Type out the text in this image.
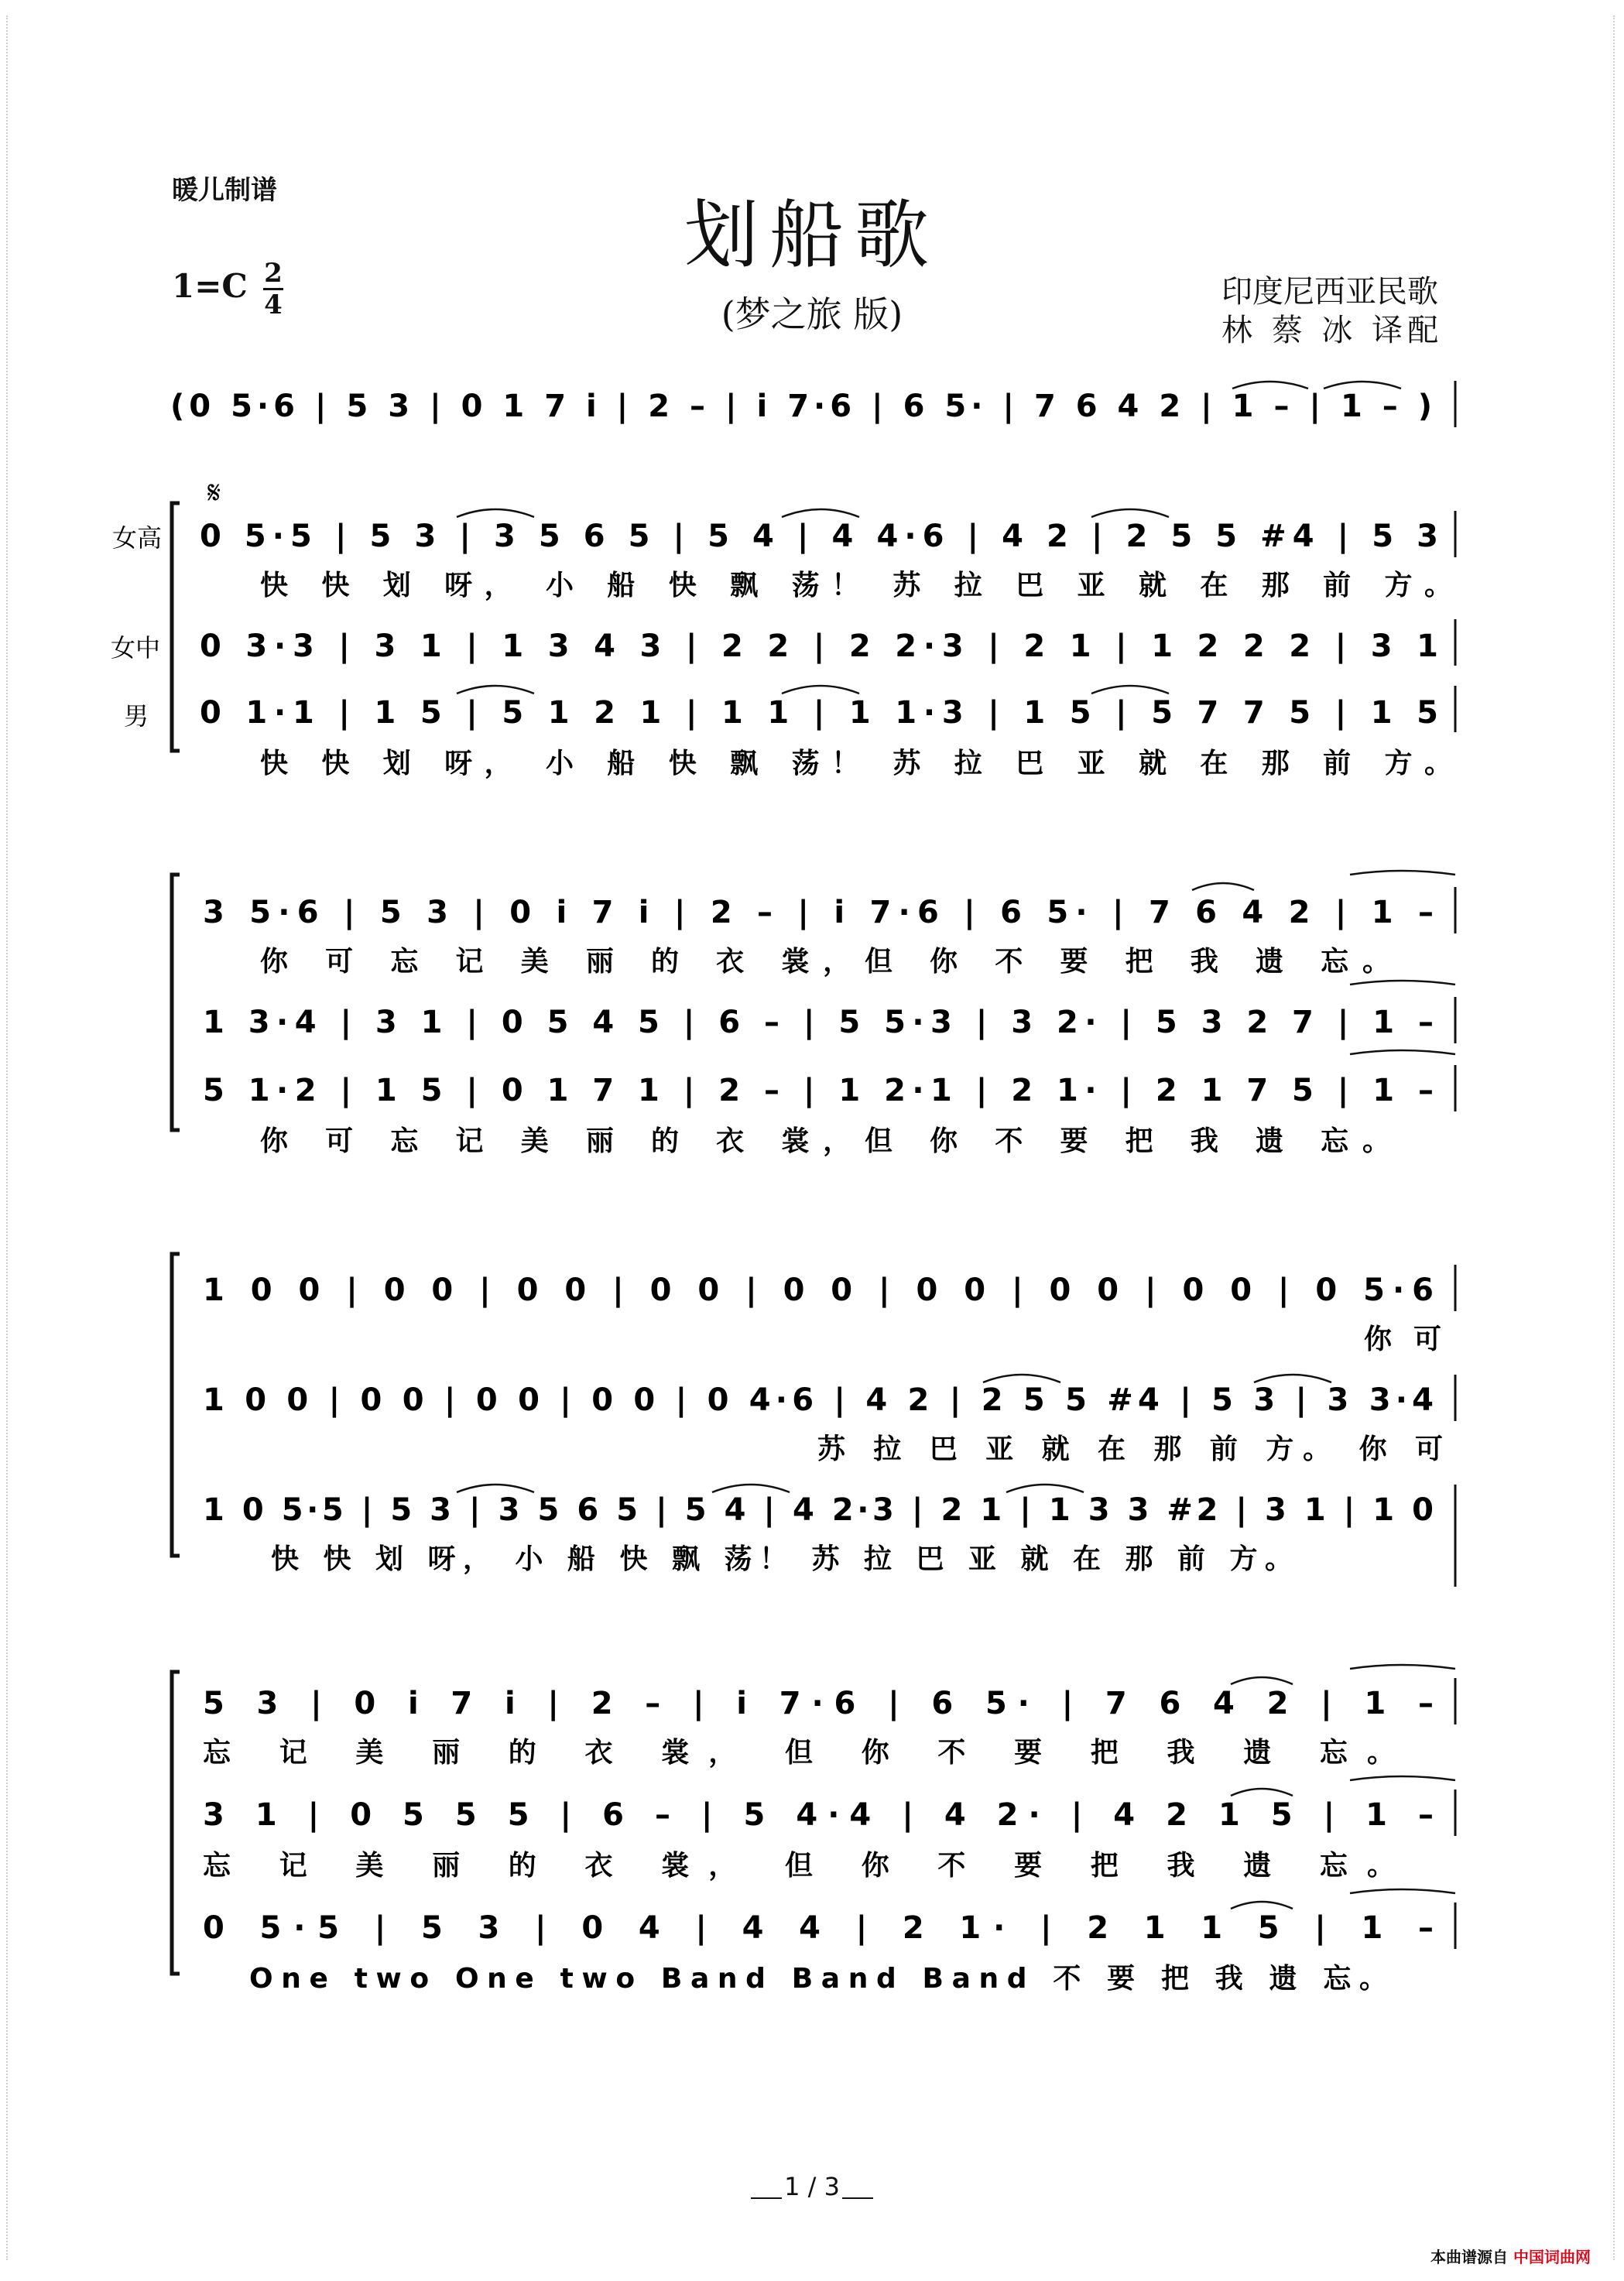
暖儿制谱
划船歌
(梦之旅 版)
1=C 2
4	印度尼西亚民歌
林 蔡 冰 译配
(0 5·6 | 5 3 | 0 1 7 i | 2 – | i 7·6 | 6 5· | 7 6 4 2 | 1 – | 1 – )
𝄋
女高
女中
男
0 5·5 | 5 3 | 3 5 6 5 | 5 4 | 4 4·6 | 4 2 | 2 5 5 #4 | 5 3
快 快 划 呀， 小 船 快 飘 荡！ 苏 拉 巴 亚 就 在 那 前 方。
0 3·3 | 3 1 | 1 3 4 3 | 2 2 | 2 2·3 | 2 1 | 1 2 2 2 | 3 1
0 1·1 | 1 5 | 5 1 2 1 | 1 1 | 1 1·3 | 1 5 | 5 7 7 5 | 1 5
快 快 划 呀， 小 船 快 飘 荡！ 苏 拉 巴 亚 就 在 那 前 方。
3 5·6 | 5 3 | 0 i 7 i | 2 – | i 7·6 | 6 5· | 7 6 4 2 | 1 –
你 可 忘 记 美 丽 的 衣 裳，但 你 不 要 把 我 遗 忘。
1 3·4 | 3 1 | 0 5 4 5 | 6 – | 5 5·3 | 3 2· | 5 3 2 7 | 1 –
5 1·2 | 1 5 | 0 1 7 1 | 2 – | 1 2·1 | 2 1· | 2 1 7 5 | 1 –
你 可 忘 记 美 丽 的 衣 裳，但 你 不 要 把 我 遗 忘。
1 0 0 | 0 0 | 0 0 | 0 0 | 0 0 | 0 0 | 0 0 | 0 0 | 0 5·6
你 可
1 0 0 | 0 0 | 0 0 | 0 0 | 0 4·6 | 4 2 | 2 5 5 #4 | 5 3 | 3 3·4
苏 拉 巴 亚 就 在 那 前 方。 你 可
1 0 5·5 | 5 3 | 3 5 6 5 | 5 4 | 4 2·3 | 2 1 | 1 3 3 #2 | 3 1 | 1 0
快 快 划 呀， 小 船 快 飘 荡！ 苏 拉 巴 亚 就 在 那 前 方。
5 3 | 0 i 7 i | 2 – | i 7·6 | 6 5· | 7 6 4 2 | 1 –
忘 记 美 丽 的 衣 裳， 但 你 不 要 把 我 遗 忘。
3 1 | 0 5 5 5 | 6 – | 5 4·4 | 4 2· | 4 2 1 5 | 1 –
忘 记 美 丽 的 衣 裳， 但 你 不 要 把 我 遗 忘。
0 5·5 | 5 3 | 0 4 | 4 4 | 2 1· | 2 1 1 5 | 1 –
One two One two Band Band Band 不 要 把 我 遗 忘。
1 / 3
本曲谱源自 中国词曲网
